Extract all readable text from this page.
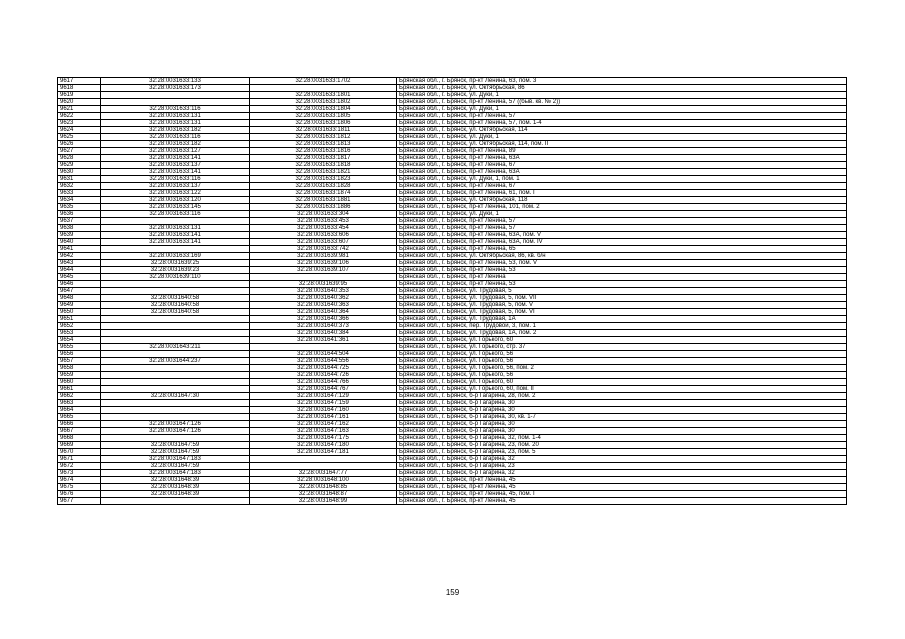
9617	32:28:0031633:133	32:28:0031633:1702	Брянская обл., г. Брянск, пр-кт Ленина, 63, пом. 3
9618	32:28:0031633:173		Брянская обл., г. Брянск, ул. Октябрьская, 86
9619		32:28:0031633:1801	Брянская обл., г. Брянск, ул. Дуки, 1
9620		32:28:0031633:1802	Брянская обл., г. Брянск, пр-кт Ленина, 57 ((быв. кв. № 2))
9621	32:28:0031633:116	32:28:0031633:1804	Брянская обл., г. Брянск, ул. Дуки, 1
9622	32:28:0031633:131	32:28:0031633:1805	Брянская обл., г. Брянск, пр-кт Ленина, 57
9623	32:28:0031633:131	32:28:0031633:1806	Брянская обл., г. Брянск, пр-кт Ленина, 57, пом. 1-4
9624	32:28:0031633:182	32:28:0031633:1811	Брянская обл., г. Брянск, ул. Октябрьская, 114
9625	32:28:0031633:116	32:28:0031633:1812	Брянская обл., г. Брянск, ул. Дуки, 1
9626	32:28:0031633:182	32:28:0031633:1813	Брянская обл., г. Брянск, ул. Октябрьская, 114, пом. II
9627	32:28:0031633:127	32:28:0031633:1816	Брянская обл., г. Брянск, пр-кт Ленина, 89
9628	32:28:0031633:141	32:28:0031633:1817	Брянская обл., г. Брянск, пр-кт Ленина, 63А
9629	32:28:0031633:137	32:28:0031633:1818	Брянская обл., г. Брянск, пр-кт Ленина, 67
9630	32:28:0031633:141	32:28:0031633:1821	Брянская обл., г. Брянск, пр-кт Ленина, 63А
9631	32:28:0031633:116	32:28:0031633:1823	Брянская обл., г. Брянск, ул. Дуки, 1, пом. 1
9632	32:28:0031633:137	32:28:0031633:1828	Брянская обл., г. Брянск, пр-кт Ленина, 67
9633	32:28:0031633:122	32:28:0031633:1874	Брянская обл., г. Брянск, пр-кт Ленина, 61, пом. I
9634	32:28:0031633:120	32:28:0031633:1881	Брянская обл., г. Брянск, ул. Октябрьская, 118
9635	32:28:0031633:145	32:28:0031633:1886	Брянская обл., г. Брянск, пр-кт Ленина, 101, пом. 2
9636	32:28:0031633:116	32:28:0031633:304	Брянская обл., г. Брянск, ул. Дуки, 1
9637		32:28:0031633:453	Брянская обл., г. Брянск, пр-кт Ленина, 57
9638	32:28:0031633:131	32:28:0031633:454	Брянская обл., г. Брянск, пр-кт Ленина, 57
9639	32:28:0031633:141	32:28:0031633:606	Брянская обл., г. Брянск, пр-кт Ленина, 63А, пом. V
9640	32:28:0031633:141	32:28:0031633:607	Брянская обл., г. Брянск, пр-кт Ленина, 63А, пом. IV
9641		32:28:0031633:742	Брянская обл., г. Брянск, пр-кт Ленина, 65
9642	32:28:0031633:169	32:28:0031639:981	Брянская обл., г. Брянск, ул. Октябрьская, 86, кв. б/н
9643	32:28:0031639:25	32:28:0031639:106	Брянская обл., г. Брянск, пр-кт Ленина, 53, пом. V
9644	32:28:0031639:23	32:28:0031639:107	Брянская обл., г. Брянск, пр-кт Ленина, 53
9645	32:28:0031639:110		Брянская обл., г. Брянск, пр-кт Ленина
9646		32:28:0031639:95	Брянская обл., г. Брянск, пр-кт Ленина, 53
9647		32:28:0031640:353	Брянская обл., г. Брянск, ул. Трудовая, 5
9648	32:28:0031640:58	32:28:0031640:362	Брянская обл., г. Брянск, ул. Трудовая, 5, пом. VII
9649	32:28:0031640:58	32:28:0031640:363	Брянская обл., г. Брянск, ул. Трудовая, 5, пом. V
9650	32:28:0031640:58	32:28:0031640:364	Брянская обл., г. Брянск, ул. Трудовая, 5, пом. VI
9651		32:28:0031640:366	Брянская обл., г. Брянск, ул. Трудовая, 1А
9652		32:28:0031640:373	Брянская обл., г. Брянск, пер. Трудовой, 3, пом. 1
9653		32:28:0031640:384	Брянская обл., г. Брянск, ул. Трудовая, 1А, пом. 2
9654		32:28:0031641:361	Брянская обл., г. Брянск, ул. Горького, 60
9655	32:28:0031643:211		Брянская обл., г. Брянск, ул. Горького, стр. 37
9656		32:28:0031644:504	Брянская обл., г. Брянск, ул. Горького, 56
9657	32:28:0031644:237	32:28:0031644:556	Брянская обл., г. Брянск, ул. Горького, 56
9658		32:28:0031644:725	Брянская обл., г. Брянск, ул. Горького, 56, пом. 2
9659		32:28:0031644:726	Брянская обл., г. Брянск, ул. Горького, 56
9660		32:28:0031644:766	Брянская обл., г. Брянск, ул. Горького, 60
9661		32:28:0031644:767	Брянская обл., г. Брянск, ул. Горького, 60, пом. II
9662	32:28:0031647:30	32:28:0031647:129	Брянская обл., г. Брянск, б-р Гагарина, 28, пом. 2
9663		32:28:0031647:159	Брянская обл., г. Брянск, б-р Гагарина, 30
9664		32:28:0031647:160	Брянская обл., г. Брянск, б-р Гагарина, 30
9665		32:28:0031647:161	Брянская обл., г. Брянск, б-р Гагарина, 30, кв. 1-7
9666	32:28:0031647:126	32:28:0031647:162	Брянская обл., г. Брянск, б-р Гагарина, 30
9667	32:28:0031647:126	32:28:0031647:163	Брянская обл., г. Брянск, б-р Гагарина, 30
9668		32:28:0031647:175	Брянская обл., г. Брянск, б-р Гагарина, 32, пом. 1-4
9669	32:28:0031647:59	32:28:0031647:180	Брянская обл., г. Брянск, б-р Гагарина, 23, пом. 20
9670	32:28:0031647:59	32:28:0031647:181	Брянская обл., г. Брянск, б-р Гагарина, 23, пом. 5
9671	32:28:0031647:183		Брянская обл., г. Брянск, б-р Гагарина, 32
9672	32:28:0031647:59		Брянская обл., г. Брянск, б-р Гагарина, 23
9673	32:28:0031647:183	32:28:0031647:77	Брянская обл., г. Брянск, б-р Гагарина, 32
9674	32:28:0031648:39	32:28:0031648:100	Брянская обл., г. Брянск, пр-кт Ленина, 45
9675	32:28:0031648:39	32:28:0031648:85	Брянская обл., г. Брянск, пр-кт Ленина, 45
9676	32:28:0031648:39	32:28:0031648:87	Брянская обл., г. Брянск, пр-кт Ленина, 45, пом. I
9677		32:28:0031648:99	Брянская обл., г. Брянск, пр-кт Ленина, 45
159
